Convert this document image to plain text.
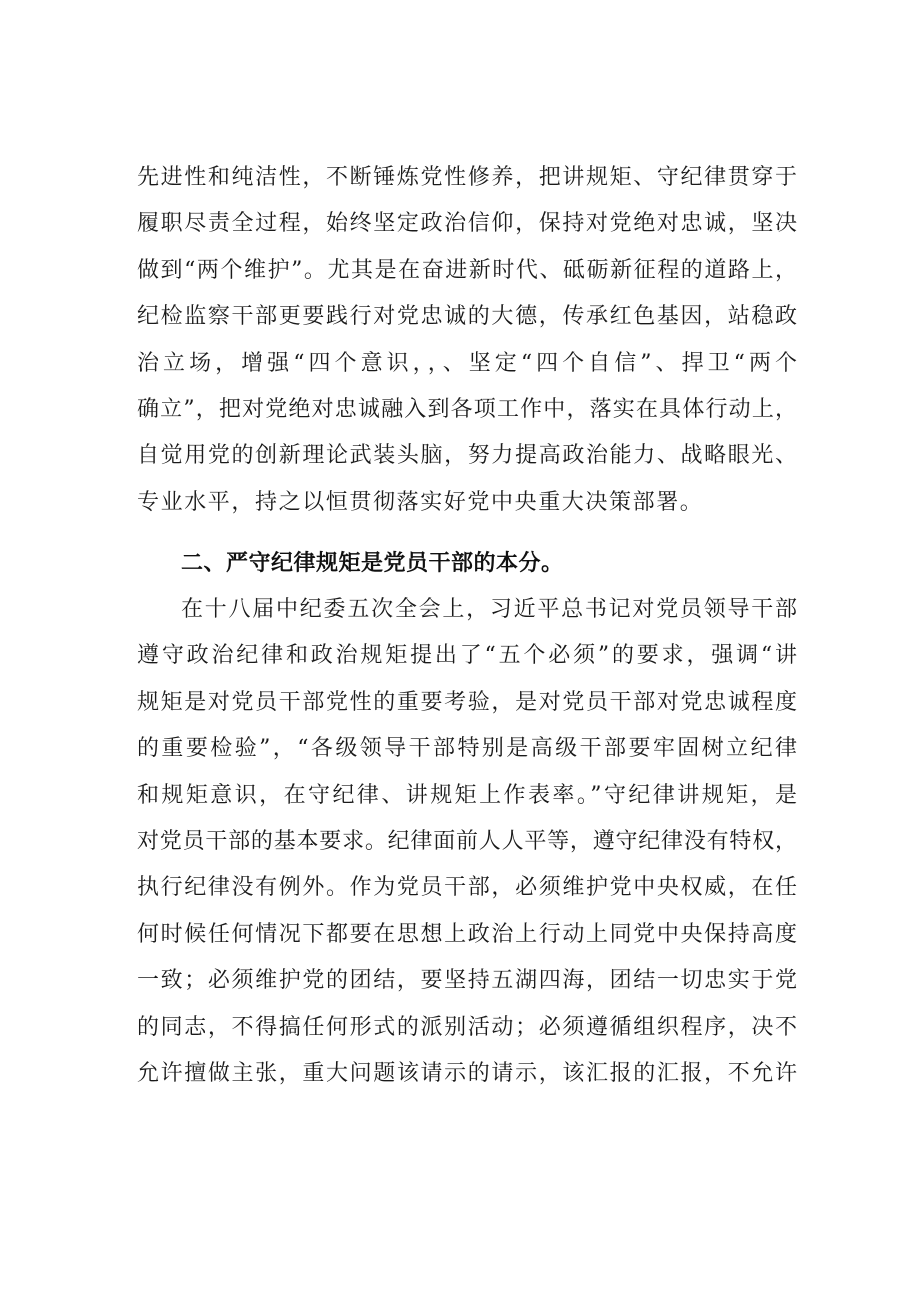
先进性和纯洁性，不断锤炼党性修养，把讲规矩、守纪律贯穿于
履职尽责全过程，始终坚定政治信仰，保持对党绝对忠诚，坚决
做到“两个维护”。尤其是在奋进新时代、砥砺新征程的道路上，
纪检监察干部更要践行对党忠诚的大德，传承红色基因，站稳政
治立场，增强“四个意识，，、坚定“四个自信”、捍卫“两个
确立”，把对党绝对忠诚融入到各项工作中，落实在具体行动上，
自觉用党的创新理论武装头脑，努力提高政治能力、战略眼光、
专业水平，持之以恒贯彻落实好党中央重大决策部署。
二、严守纪律规矩是党员干部的本分。
在十八届中纪委五次全会上，习近平总书记对党员领导干部
遵守政治纪律和政治规矩提出了“五个必须”的要求，强调“讲
规矩是对党员干部党性的重要考验，是对党员干部对党忠诚程度
的重要检验”，“各级领导干部特别是高级干部要牢固树立纪律
和规矩意识，在守纪律、讲规矩上作表率。”守纪律讲规矩，是
对党员干部的基本要求。纪律面前人人平等，遵守纪律没有特权，
执行纪律没有例外。作为党员干部，必须维护党中央权威，在任
何时候任何情况下都要在思想上政治上行动上同党中央保持高度
一致；必须维护党的团结，要坚持五湖四海，团结一切忠实于党
的同志，不得搞任何形式的派别活动；必须遵循组织程序，决不
允许擅做主张，重大问题该请示的请示，该汇报的汇报，不允许
